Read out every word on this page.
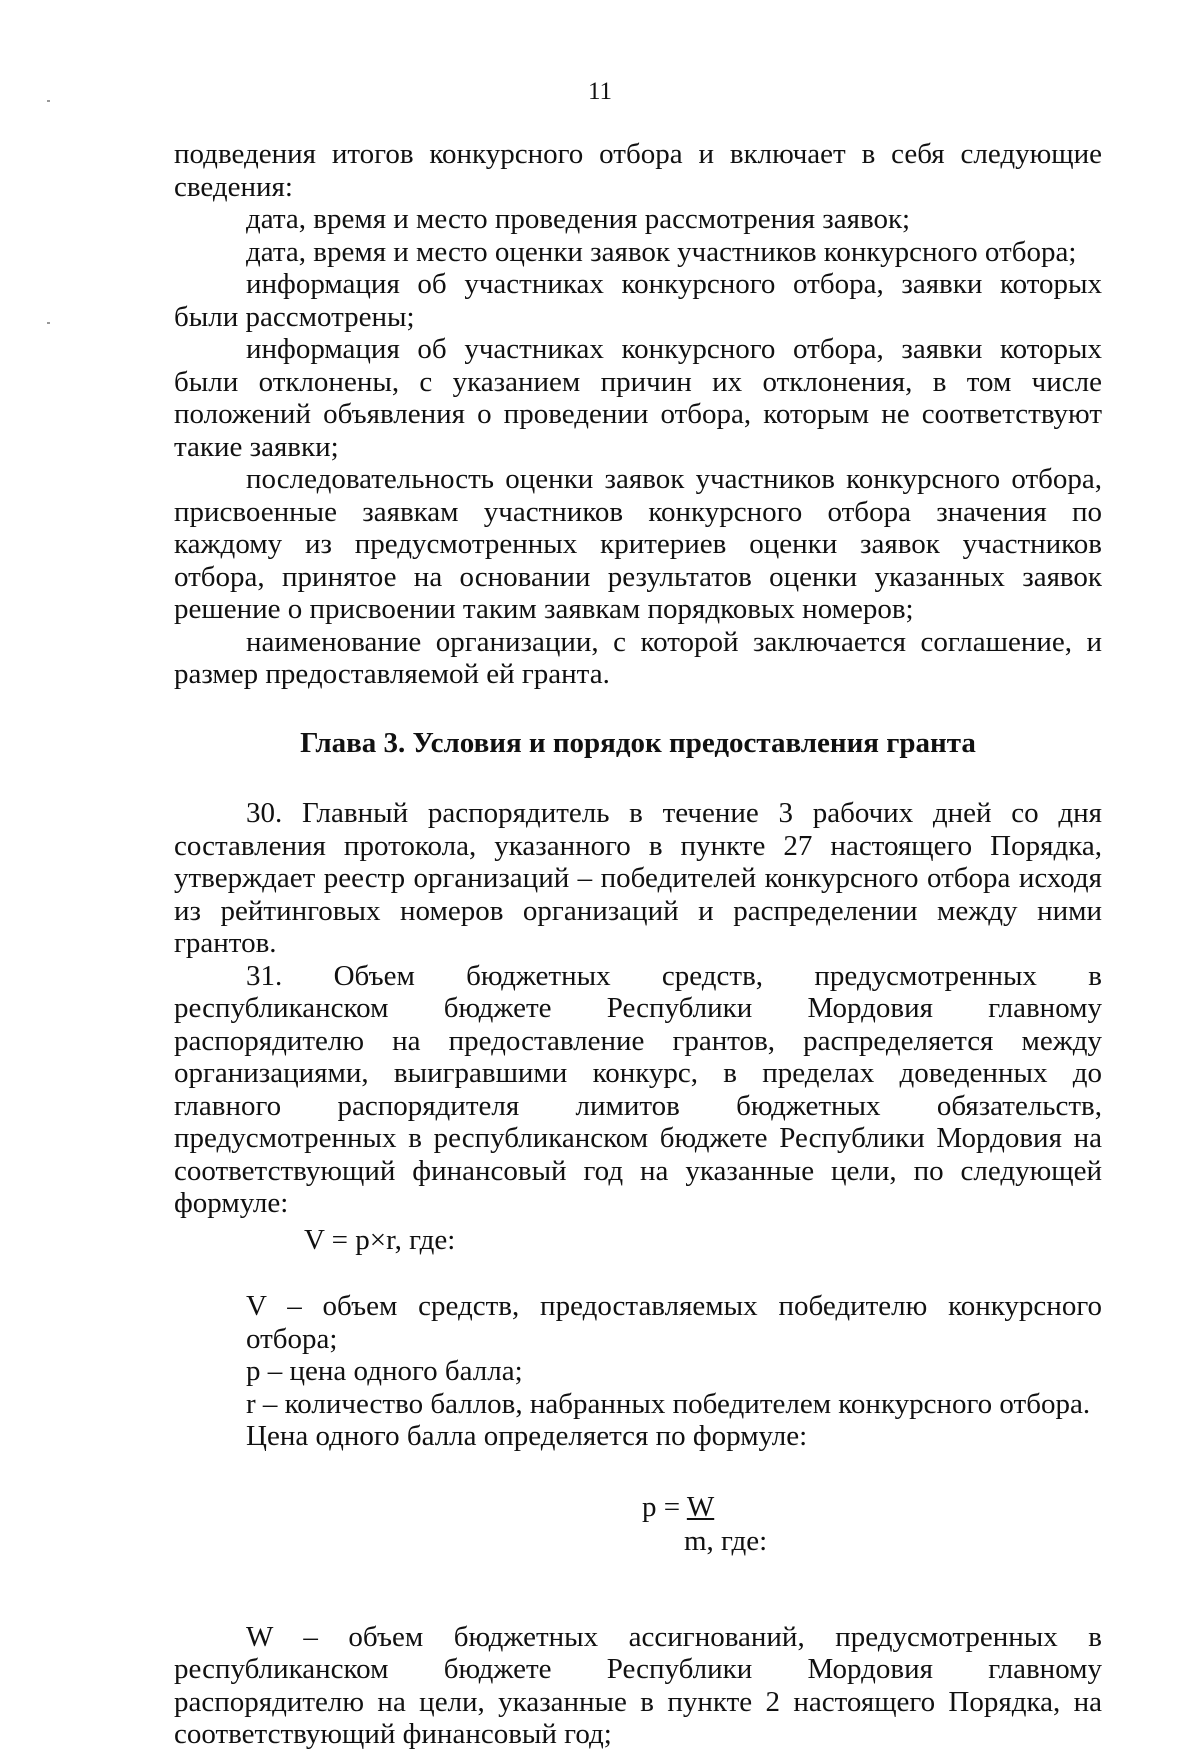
11

подведения итогов конкурсного отбора и включает в себя следующие сведения:

дата, время и место проведения рассмотрения заявок;

дата, время и место оценки заявок участников конкурсного отбора;

информация об участниках конкурсного отбора, заявки которых были рассмотрены;

информация об участниках конкурсного отбора, заявки которых были отклонены, с указанием причин их отклонения, в том числе положений объявления о проведении отбора, которым не соответствуют такие заявки;

последовательность оценки заявок участников конкурсного отбора, присвоенные заявкам участников конкурсного отбора значения по каждому из предусмотренных критериев оценки заявок участников отбора, принятое на основании результатов оценки указанных заявок решение о присвоении таким заявкам порядковых номеров;

наименование организации, с которой заключается соглашение, и размер предоставляемой ей гранта.

Глава 3. Условия и порядок предоставления гранта

30. Главный распорядитель в течение 3 рабочих дней со дня составления протокола, указанного в пункте 27 настоящего Порядка, утверждает реестр организаций – победителей конкурсного отбора исходя из рейтинговых номеров организаций и распределении между ними грантов.

31. Объем бюджетных средств, предусмотренных в республиканском бюджете Республики Мордовия главному распорядителю на предоставление грантов, распределяется между организациями, выигравшими конкурс, в пределах доведенных до главного распорядителя лимитов бюджетных обязательств, предусмотренных в республиканском бюджете Республики Мордовия на соответствующий финансовый год на указанные цели, по следующей формуле:

V = p×r, где:

V – объем средств, предоставляемых победителю конкурсного отбора;

p – цена одного балла;

r – количество баллов, набранных победителем конкурсного отбора.

Цена одного балла определяется по формуле:

p = W
m, где:

W – объем бюджетных ассигнований, предусмотренных в республиканском бюджете Республики Мордовия главному распорядителю на цели, указанные в пункте 2 настоящего Порядка, на соответствующий финансовый год;
